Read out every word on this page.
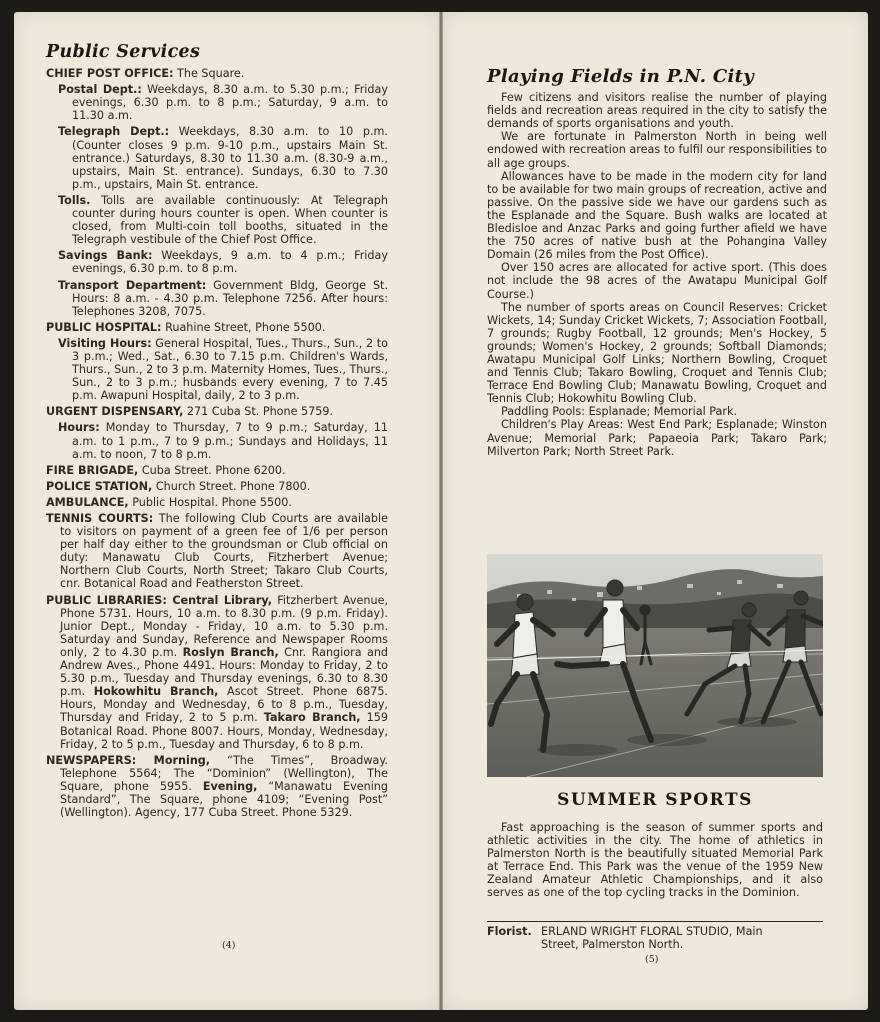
Public Services

CHIEF POST OFFICE: The Square.

Postal Dept.: Weekdays, 8.30 a.m. to 5.30 p.m.; Friday evenings, 6.30 p.m. to 8 p.m.; Saturday, 9 a.m. to 11.30 a.m.

Telegraph Dept.: Weekdays, 8.30 a.m. to 10 p.m. (Counter closes 9 p.m. 9-10 p.m., upstairs Main St. entrance.) Saturdays, 8.30 to 11.30 a.m. (8.30-9 a.m., upstairs, Main St. entrance). Sundays, 6.30 to 7.30 p.m., upstairs, Main St. entrance.

Tolls. Tolls are available continuously: At Telegraph counter during hours counter is open. When counter is closed, from Multi-coin toll booths, situated in the Telegraph vestibule of the Chief Post Office.

Savings Bank: Weekdays, 9 a.m. to 4 p.m.; Friday evenings, 6.30 p.m. to 8 p.m.

Transport Department: Government Bldg, George St. Hours: 8 a.m. - 4.30 p.m. Telephone 7256. After hours: Telephones 3208, 7075.

PUBLIC HOSPITAL: Ruahine Street, Phone 5500.

Visiting Hours: General Hospital, Tues., Thurs., Sun., 2 to 3 p.m.; Wed., Sat., 6.30 to 7.15 p.m. Children's Wards, Thurs., Sun., 2 to 3 p.m. Maternity Homes, Tues., Thurs., Sun., 2 to 3 p.m.; husbands every evening, 7 to 7.45 p.m. Awapuni Hospital, daily, 2 to 3 p.m.

URGENT DISPENSARY, 271 Cuba St. Phone 5759.

Hours: Monday to Thursday, 7 to 9 p.m.; Saturday, 11 a.m. to 1 p.m., 7 to 9 p.m.; Sundays and Holidays, 11 a.m. to noon, 7 to 8 p.m.

FIRE BRIGADE, Cuba Street. Phone 6200.

POLICE STATION, Church Street. Phone 7800.

AMBULANCE, Public Hospital. Phone 5500.

TENNIS COURTS: The following Club Courts are available to visitors on payment of a green fee of 1/6 per person per half day either to the groundsman or Club official on duty: Manawatu Club Courts, Fitzherbert Avenue; Northern Club Courts, North Street; Takaro Club Courts, cnr. Botanical Road and Featherston Street.

PUBLIC LIBRARIES: Central Library, Fitzherbert Avenue, Phone 5731. Hours, 10 a.m. to 8.30 p.m. (9 p.m. Friday). Junior Dept., Monday - Friday, 10 a.m. to 5.30 p.m. Saturday and Sunday, Reference and Newspaper Rooms only, 2 to 4.30 p.m. Roslyn Branch, Cnr. Rangiora and Andrew Aves., Phone 4491. Hours: Monday to Friday, 2 to 5.30 p.m., Tuesday and Thursday evenings, 6.30 to 8.30 p.m. Hokowhitu Branch, Ascot Street. Phone 6875. Hours, Monday and Wednesday, 6 to 8 p.m., Tuesday, Thursday and Friday, 2 to 5 p.m. Takaro Branch, 159 Botanical Road. Phone 8007. Hours, Monday, Wednesday, Friday, 2 to 5 p.m., Tuesday and Thursday, 6 to 8 p.m.

NEWSPAPERS: Morning, “The Times”, Broadway. Telephone 5564; The “Dominion” (Wellington), The Square, phone 5955. Evening, “Manawatu Evening Standard”, The Square, phone 4109; “Evening Post” (Wellington). Agency, 177 Cuba Street. Phone 5329.

(4)
Playing Fields in P.N. City

Few citizens and visitors realise the number of playing fields and recreation areas required in the city to satisfy the demands of sports organisations and youth.

We are fortunate in Palmerston North in being well endowed with recreation areas to fulfil our responsibilities to all age groups.

Allowances have to be made in the modern city for land to be available for two main groups of recreation, active and passive. On the passive side we have our gardens such as the Esplanade and the Square. Bush walks are located at Bledisloe and Anzac Parks and going further afield we have the 750 acres of native bush at the Pohangina Valley Domain (26 miles from the Post Office).

Over 150 acres are allocated for active sport. (This does not include the 98 acres of the Awatapu Municipal Golf Course.)

The number of sports areas on Council Reserves: Cricket Wickets, 14; Sunday Cricket Wickets, 7; Association Football, 7 grounds; Rugby Football, 12 grounds; Men's Hockey, 5 grounds; Women's Hockey, 2 grounds; Softball Diamonds; Awatapu Municipal Golf Links; Northern Bowling, Croquet and Tennis Club; Takaro Bowling, Croquet and Tennis Club; Terrace End Bowling Club; Manawatu Bowling, Croquet and Tennis Club; Hokowhitu Bowling Club.

Paddling Pools: Esplanade; Memorial Park.

Children's Play Areas: West End Park; Esplanade; Winston Avenue; Memorial Park; Papaeoia Park; Takaro Park; Milverton Park; North Street Park.

SUMMER SPORTS

Fast approaching is the season of summer sports and athletic activities in the city. The home of athletics in Palmerston North is the beautifully situated Memorial Park at Terrace End. This Park was the venue of the 1959 New Zealand Amateur Athletic Championships, and it also serves as one of the top cycling tracks in the Dominion.

Florist. ERLAND WRIGHT FLORAL STUDIO, Main
Street, Palmerston North.
(5)
